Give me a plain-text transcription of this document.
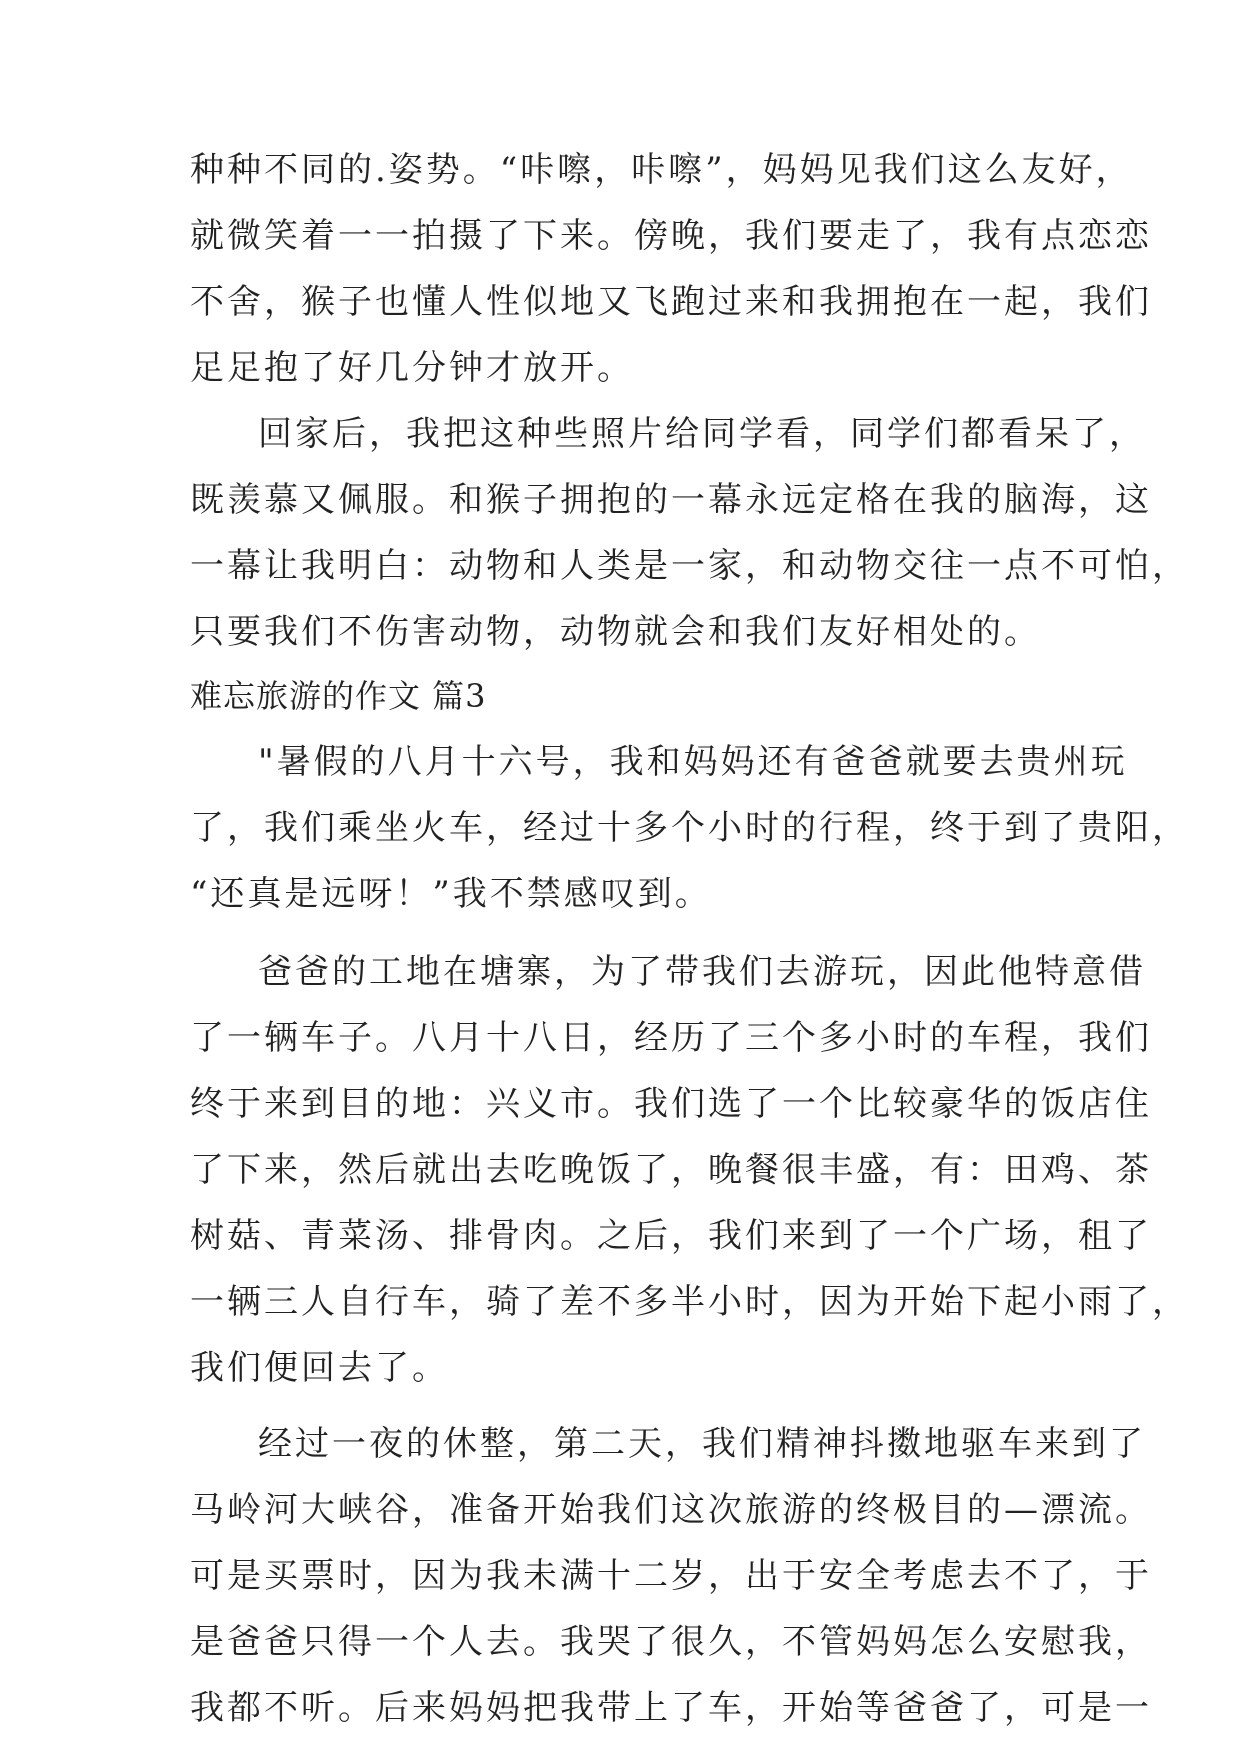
种种不同的.姿势。“咔嚓，咔嚓”，妈妈见我们这么友好，
就微笑着一一拍摄了下来。傍晚，我们要走了，我有点恋恋
不舍，猴子也懂人性似地又飞跑过来和我拥抱在一起，我们
足足抱了好几分钟才放开。
回家后，我把这种些照片给同学看，同学们都看呆了，
既羡慕又佩服。和猴子拥抱的一幕永远定格在我的脑海，这
一幕让我明白：动物和人类是一家，和动物交往一点不可怕，
只要我们不伤害动物，动物就会和我们友好相处的。
难忘旅游的作文 篇3
"暑假的八月十六号，我和妈妈还有爸爸就要去贵州玩
了，我们乘坐火车，经过十多个小时的行程，终于到了贵阳，
“还真是远呀！”我不禁感叹到。
爸爸的工地在塘寨，为了带我们去游玩，因此他特意借
了一辆车子。八月十八日，经历了三个多小时的车程，我们
终于来到目的地：兴义市。我们选了一个比较豪华的饭店住
了下来，然后就出去吃晚饭了，晚餐很丰盛，有：田鸡、茶
树菇、青菜汤、排骨肉。之后，我们来到了一个广场，租了
一辆三人自行车，骑了差不多半小时，因为开始下起小雨了，
我们便回去了。
经过一夜的休整，第二天，我们精神抖擞地驱车来到了
马岭河大峡谷，准备开始我们这次旅游的终极目的—漂流。
可是买票时，因为我未满十二岁，出于安全考虑去不了，于
是爸爸只得一个人去。我哭了很久，不管妈妈怎么安慰我，
我都不听。后来妈妈把我带上了车，开始等爸爸了，可是一
